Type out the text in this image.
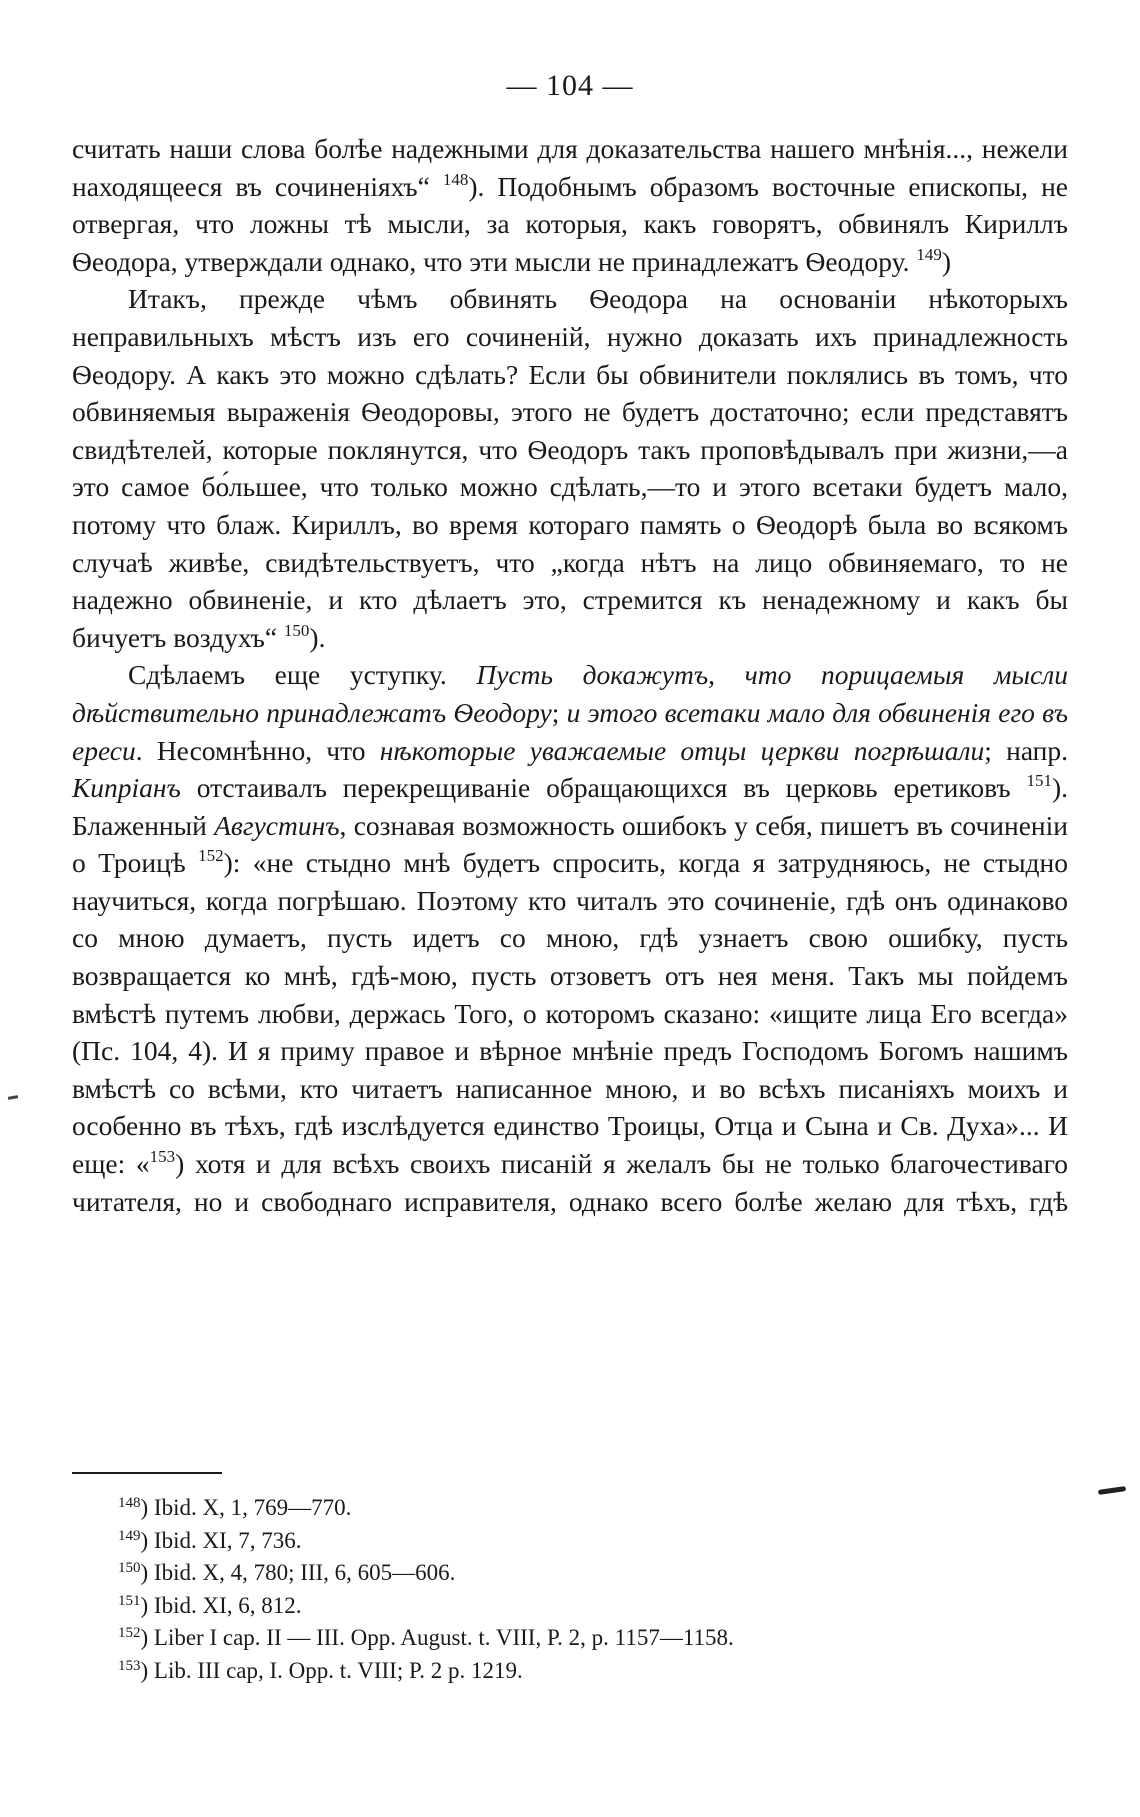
— 104 —

считать наши слова болѣе надежными для доказательства нашего мнѣнія..., нежели находящееся въ сочиненіяхъ“ $^{148}$). Подобнымъ образомъ восточные епископы, не отвергая, что ложны тѣ мысли, за которыя, какъ говорятъ, обвинялъ Кириллъ Ѳеодора, утверждали однако, что эти мысли не принадлежатъ Ѳеодору. $^{149}$)

Итакъ, прежде чѣмъ обвинять Ѳеодора на основаніи нѣкоторыхъ неправильныхъ мѣстъ изъ его сочиненій, нужно доказать ихъ принадлежность Ѳеодору. А какъ это можно сдѣлать? Если бы обвинители поклялись въ томъ, что обвиняемыя выраженія Ѳеодоровы, этого не будетъ достаточно; если представятъ свидѣтелей, которые поклянутся, что Ѳеодоръ такъ проповѣдывалъ при жизни,—а это самое бо́льшее, что только можно сдѣлать,—то и этого всетаки будетъ мало, потому что блаж. Кириллъ, во время котораго память о Ѳеодорѣ была во всякомъ случаѣ живѣе, свидѣтельствуетъ, что „когда нѣтъ на лицо обвиняемаго, то не надежно обвиненіе, и кто дѣлаетъ это, стремится къ ненадежному и какъ бы бичуетъ воздухъ“ $^{150}$).

Сдѣлаемъ еще уступку. Пусть докажутъ, что порицаемыя мысли дѣйствительно принадлежатъ Ѳеодору; и этого всетаки мало для обвиненія его въ ереси. Несомнѣнно, что нѣкоторые уважаемые отцы церкви погрѣшали; напр. Кипріанъ отстаивалъ перекрещиваніе обращающихся въ церковь еретиковъ $^{151}$). Блаженный Августинъ, сознавая возможность ошибокъ у себя, пишетъ въ сочиненіи о Троицѣ $^{152}$): «не стыдно мнѣ будетъ спросить, когда я затрудняюсь, не стыдно научиться, когда погрѣшаю. Поэтому кто читалъ это сочиненіе, гдѣ онъ одинаково со мною думаетъ, пусть идетъ со мною, гдѣ узнаетъ свою ошибку, пусть возвращается ко мнѣ, гдѣ-мою, пусть отзоветъ отъ нея меня. Такъ мы пойдемъ вмѣстѣ путемъ любви, держась Того, о которомъ сказано: «ищите лица Его всегда» (Пс. 104, 4). И я приму правое и вѣрное мнѣніе предъ Господомъ Богомъ нашимъ вмѣстѣ со всѣми, кто читаетъ написанное мною, и во всѣхъ писаніяхъ моихъ и особенно въ тѣхъ, гдѣ изслѣдуется единство Троицы, Отца и Сына и Св. Духа»... И еще: «$^{153}$) хотя и для всѣхъ своихъ писаній я желалъ бы не только благочестиваго читателя, но и свободнаго исправителя, однако всего болѣе желаю для тѣхъ, гдѣ

$^{148}$) Ibid. X, 1, 769—770.
$^{149}$) Ibid. XI, 7, 736.
$^{150}$) Ibid. X, 4, 780; III, 6, 605—606.
$^{151}$) Ibid. XI, 6, 812.
$^{152}$) Liber I cap. II — III. Opp. August. t. VIII, P. 2, p. 1157—1158.
$^{153}$) Lib. III cap, I. Opp. t. VIII; P. 2 p. 1219.
